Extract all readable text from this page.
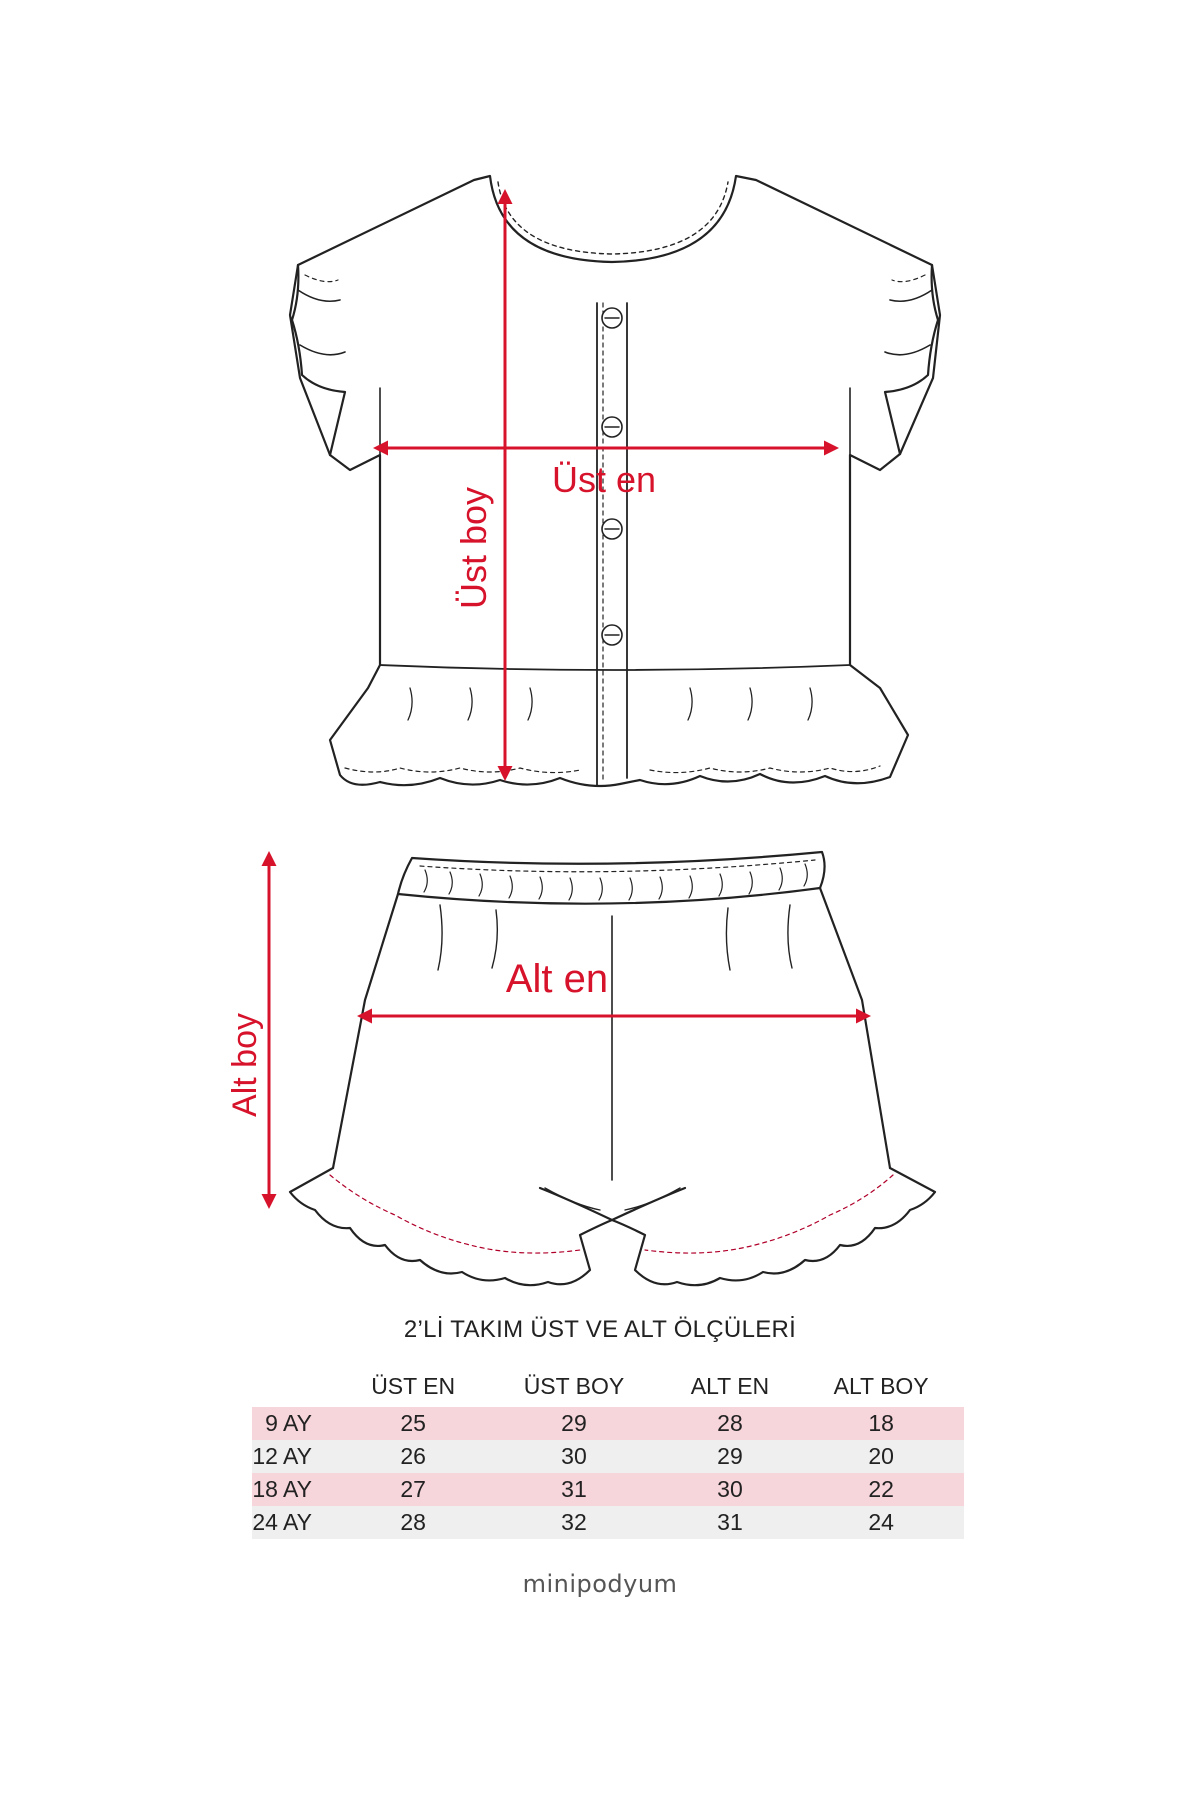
Üst en
Üst boy
Alt en
Alt boy
2’Lİ TAKIM ÜST VE ALT ÖLÇÜLERİ
	ÜST EN	ÜST BOY	ALT EN	ALT BOY
9 AY	25	29	28	18
12 AY	26	30	29	20
18 AY	27	31	30	22
24 AY	28	32	31	24
minipodyum
